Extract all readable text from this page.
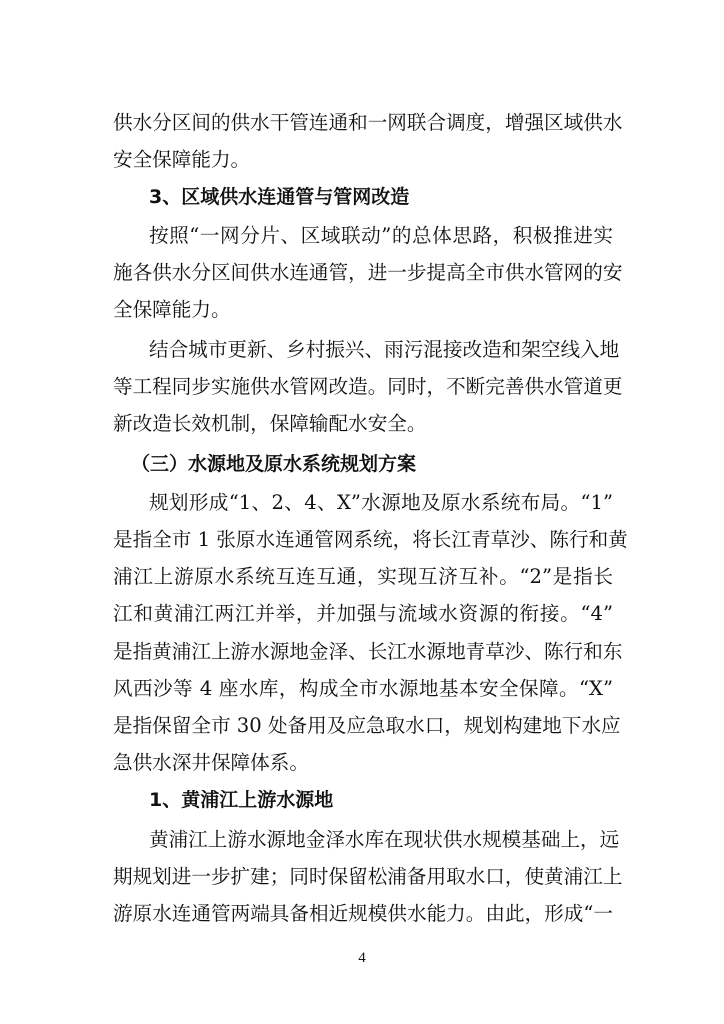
供水分区间的供水干管连通和一网联合调度，增强区域供水
安全保障能力。
3、区域供水连通管与管网改造
按照“一网分片、区域联动”的总体思路，积极推进实
施各供水分区间供水连通管，进一步提高全市供水管网的安
全保障能力。
结合城市更新、乡村振兴、雨污混接改造和架空线入地
等工程同步实施供水管网改造。同时，不断完善供水管道更
新改造长效机制，保障输配水安全。
（三）水源地及原水系统规划方案
规划形成“1、2、4、X”水源地及原水系统布局。“1”
是指全市 1 张原水连通管网系统，将长江青草沙、陈行和黄
浦江上游原水系统互连互通，实现互济互补。“2”是指长
江和黄浦江两江并举，并加强与流域水资源的衔接。“4”
是指黄浦江上游水源地金泽、长江水源地青草沙、陈行和东
风西沙等 4 座水库，构成全市水源地基本安全保障。“X”
是指保留全市 30 处备用及应急取水口，规划构建地下水应
急供水深井保障体系。
1、黄浦江上游水源地
黄浦江上游水源地金泽水库在现状供水规模基础上，远
期规划进一步扩建；同时保留松浦备用取水口，使黄浦江上
游原水连通管两端具备相近规模供水能力。由此，形成“一
4
